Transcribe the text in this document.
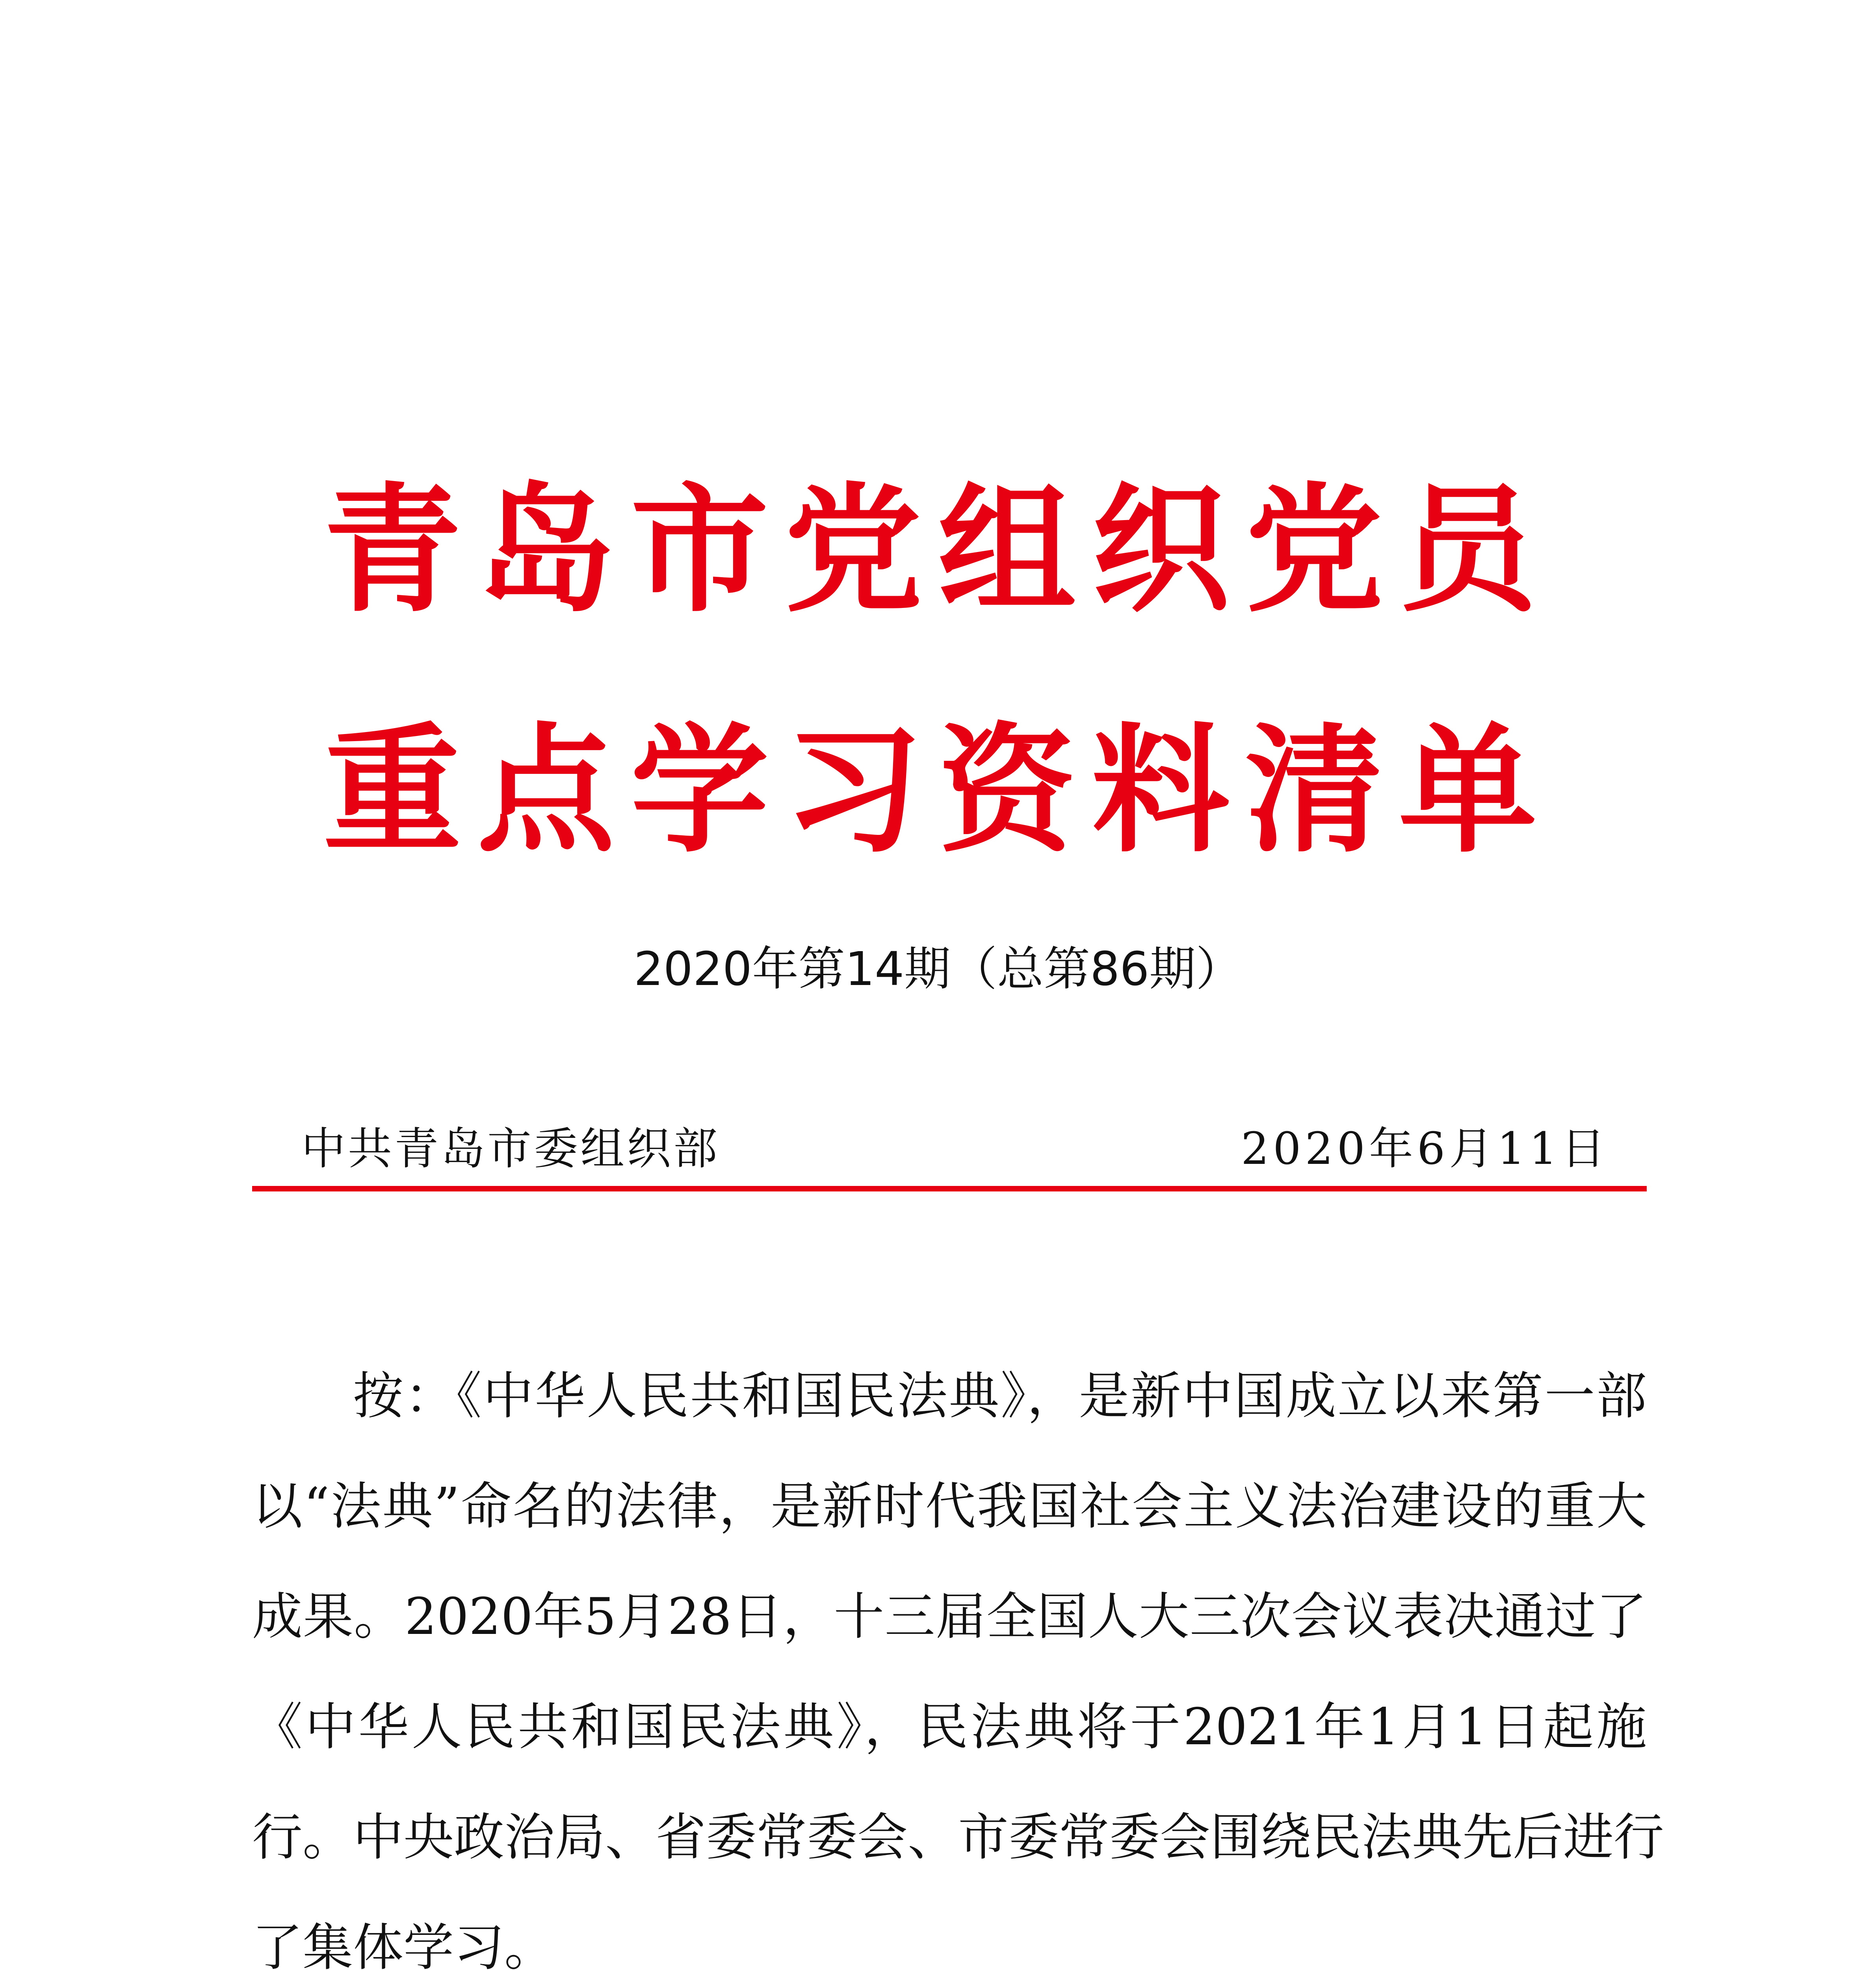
青岛市党组织党员
重点学习资料清单
2020年第14期（总第86期）
中共青岛市委组织部	2020年6月11日
按：《中华人民共和国民法典》，是新中国成立以来第一部
以“法典”命名的法律，是新时代我国社会主义法治建设的重大
成果。2020年5月28日，十三届全国人大三次会议表决通过了
《中华人民共和国民法典》，民法典将于2021年1月1日起施
行。中央政治局、省委常委会、市委常委会围绕民法典先后进行
了集体学习。
